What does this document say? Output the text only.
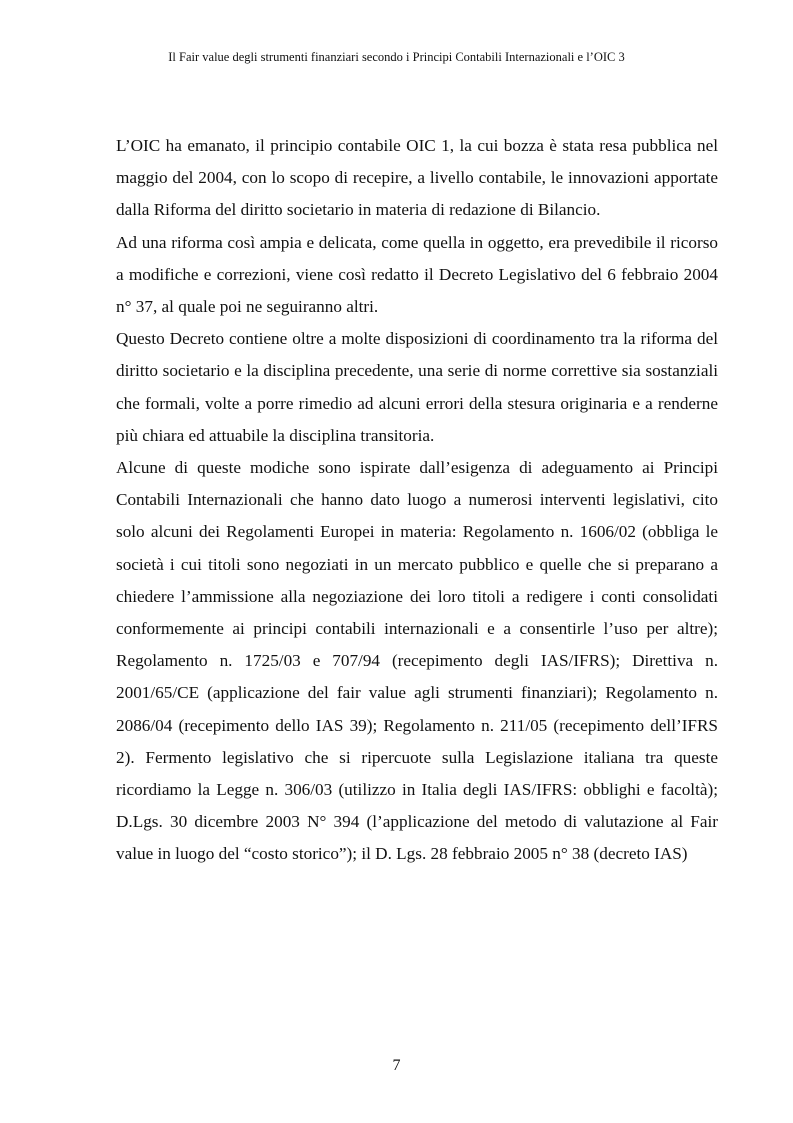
Il Fair value degli strumenti finanziari secondo i Principi Contabili Internazionali e l’OIC 3

L’OIC ha emanato, il principio contabile OIC 1, la cui bozza è stata resa pubblica nel maggio del 2004, con lo scopo di recepire, a livello contabile, le innovazioni apportate dalla Riforma del diritto societario in materia di redazione di Bilancio.

Ad una riforma così ampia e delicata, come quella in oggetto, era prevedibile il ricorso a modifiche e correzioni, viene così redatto il Decreto Legislativo del 6 febbraio 2004 n° 37, al quale poi ne seguiranno altri.

Questo Decreto contiene oltre a molte disposizioni di coordinamento tra la riforma del diritto societario e la disciplina precedente, una serie di norme correttive sia sostanziali che formali, volte a porre rimedio ad alcuni errori della stesura originaria e a renderne più chiara ed attuabile la disciplina transitoria.

Alcune di queste modiche sono ispirate dall’esigenza di adeguamento ai Principi Contabili Internazionali che hanno dato luogo a numerosi interventi legislativi, cito solo alcuni dei Regolamenti Europei in materia: Regolamento n. 1606/02 (obbliga le società i cui titoli sono negoziati in un mercato pubblico e quelle che si preparano a chiedere l’ammissione alla negoziazione dei loro titoli a redigere i conti consolidati conformemente ai principi contabili internazionali e a consentirle l’uso per altre); Regolamento n. 1725/03 e 707/94 (recepimento degli IAS/IFRS); Direttiva n. 2001/65/CE (applicazione del fair value agli strumenti finanziari); Regolamento n. 2086/04 (recepimento dello IAS 39); Regolamento n. 211/05 (recepimento dell’IFRS 2). Fermento legislativo che si ripercuote sulla Legislazione italiana tra queste ricordiamo la Legge n. 306/03 (utilizzo in Italia degli IAS/IFRS: obblighi e facoltà); D.Lgs. 30 dicembre 2003 N° 394 (l’applicazione del metodo di valutazione al Fair value in luogo del “costo storico”); il D. Lgs. 28 febbraio 2005 n° 38 (decreto IAS)

7
